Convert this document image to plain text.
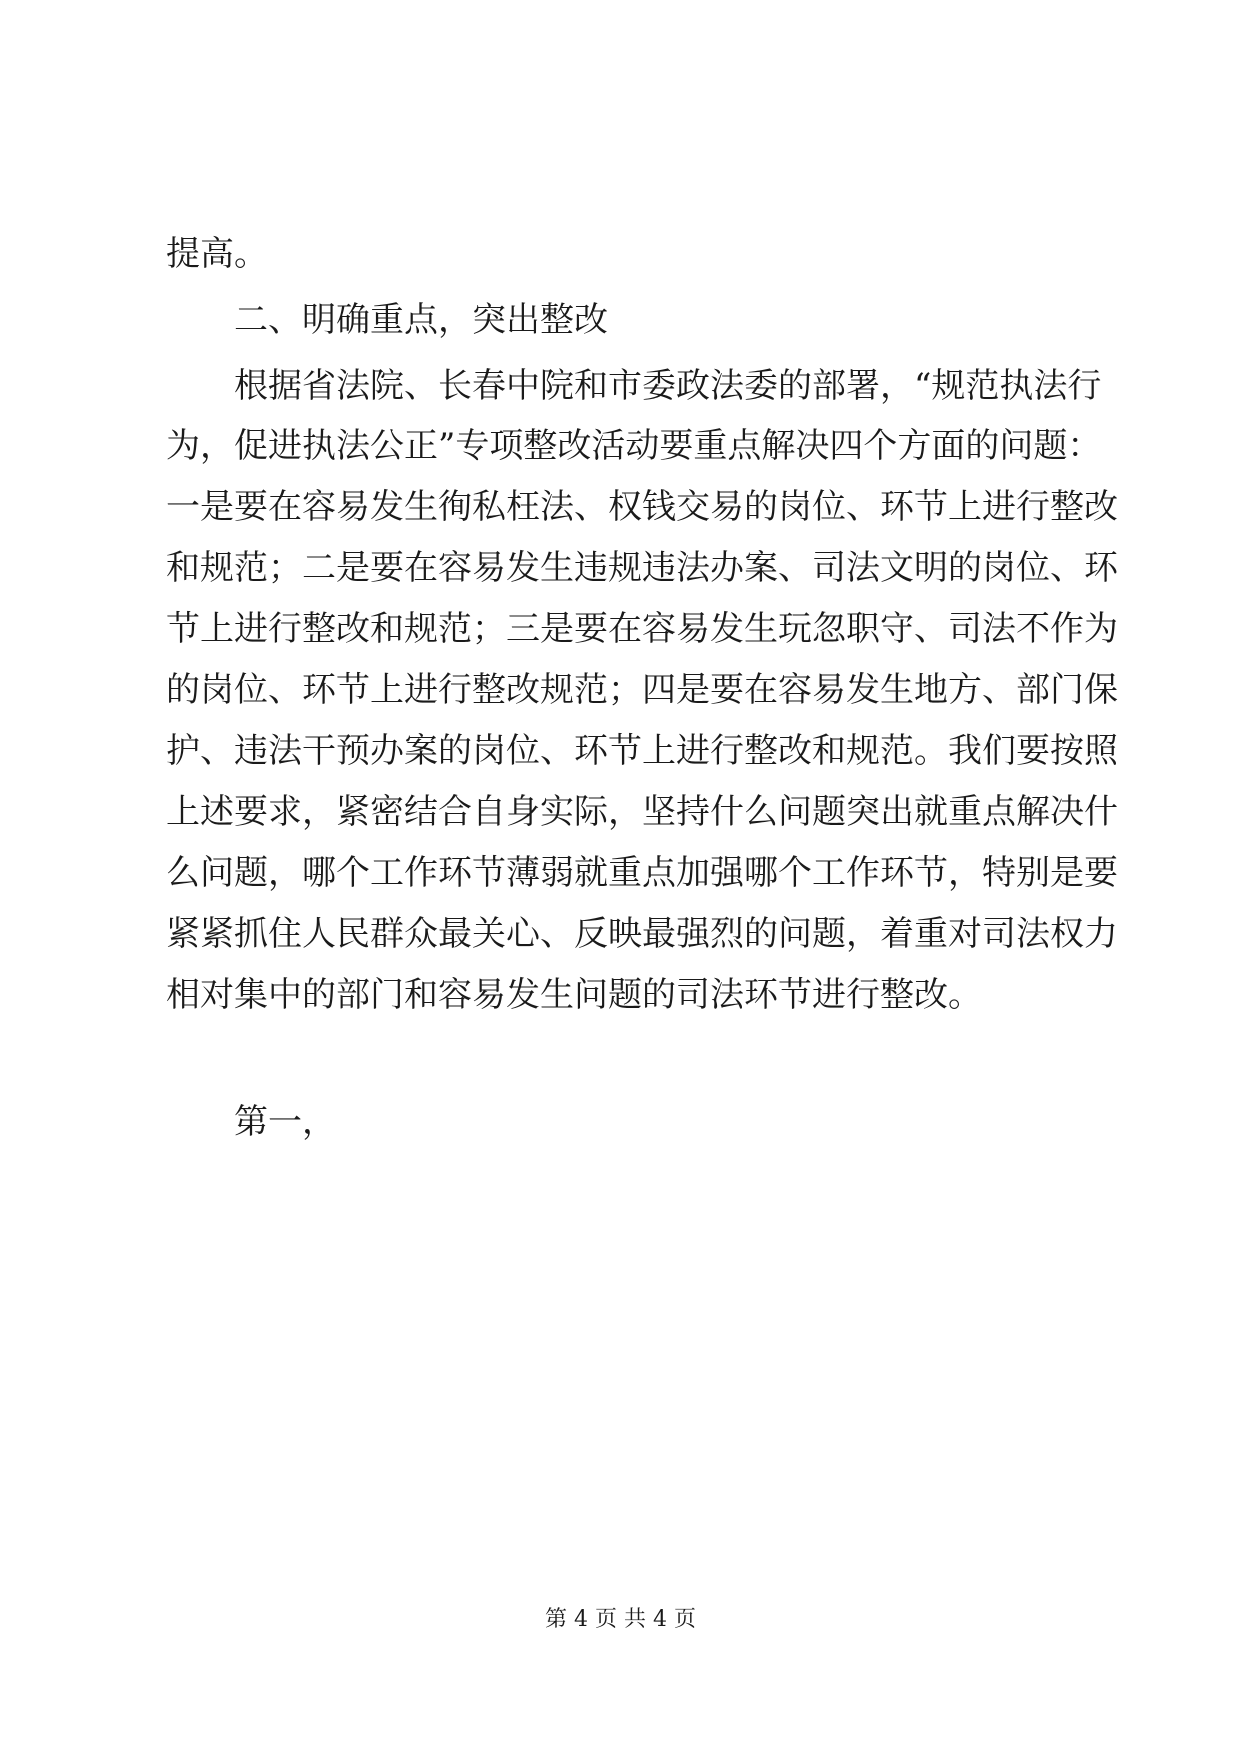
提高。

二、明确重点，突出整改

根据省法院、长春中院和市委政法委的部署，“规范执法行

为，促进执法公正”专项整改活动要重点解决四个方面的问题：

一是要在容易发生徇私枉法、权钱交易的岗位、环节上进行整改

和规范；二是要在容易发生违规违法办案、司法文明的岗位、环

节上进行整改和规范；三是要在容易发生玩忽职守、司法不作为

的岗位、环节上进行整改规范；四是要在容易发生地方、部门保

护、违法干预办案的岗位、环节上进行整改和规范。我们要按照

上述要求，紧密结合自身实际，坚持什么问题突出就重点解决什

么问题，哪个工作环节薄弱就重点加强哪个工作环节，特别是要

紧紧抓住人民群众最关心、反映最强烈的问题，着重对司法权力

相对集中的部门和容易发生问题的司法环节进行整改。

第一，

第 4 页 共 4 页
